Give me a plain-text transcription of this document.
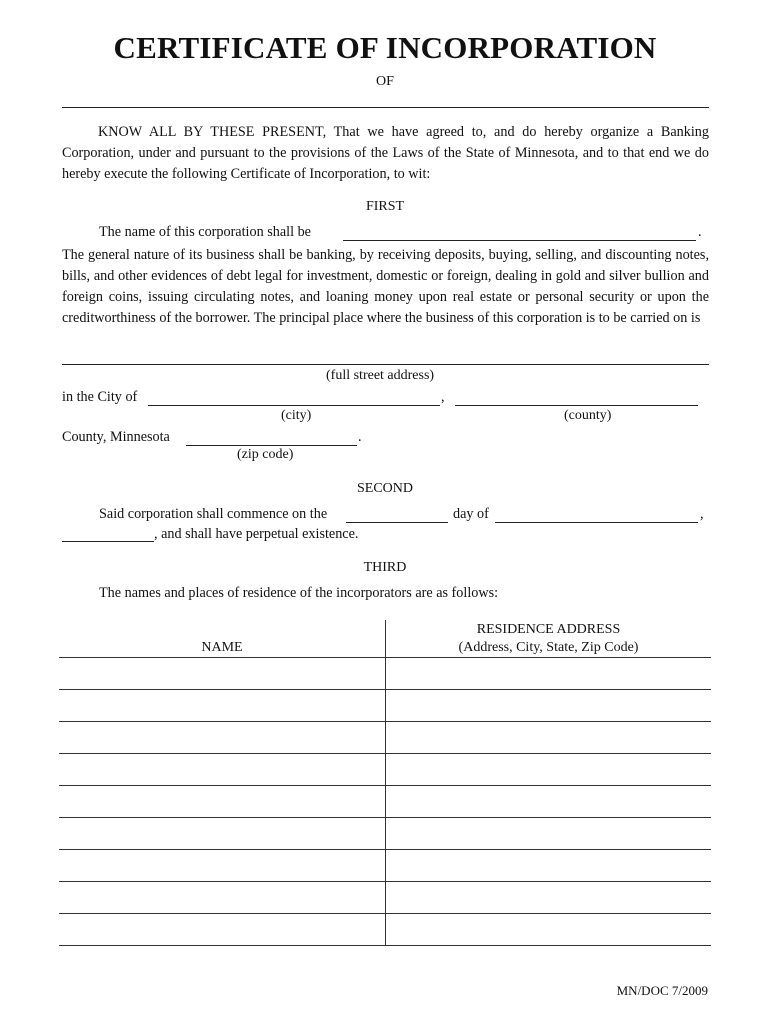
CERTIFICATE OF INCORPORATION
OF
KNOW ALL BY THESE PRESENT, That we have agreed to, and do hereby organize a Banking Corporation, under and pursuant to the provisions of the Laws of the State of Minnesota, and to that end we do hereby execute the following Certificate of Incorporation, to wit:
FIRST
The name of this corporation shall be	.
The general nature of its business shall be banking, by receiving deposits, buying, selling, and discounting notes, bills, and other evidences of debt legal for investment, domestic or foreign, dealing in gold and silver bullion and foreign coins, issuing circulating notes, and loaning money upon real estate or personal security or upon the creditworthiness of the borrower. The principal place where the business of this corporation is to be carried on is
(full street address)
in the City of	,
(city)	(county)
County, Minnesota	.
(zip code)
SECOND
Said corporation shall commence on the	day of	,
, and shall have perpetual existence.
THIRD
The names and places of residence of the incorporators are as follows:
NAME
RESIDENCE ADDRESS
(Address, City, State, Zip Code)
MN/DOC 7/2009
